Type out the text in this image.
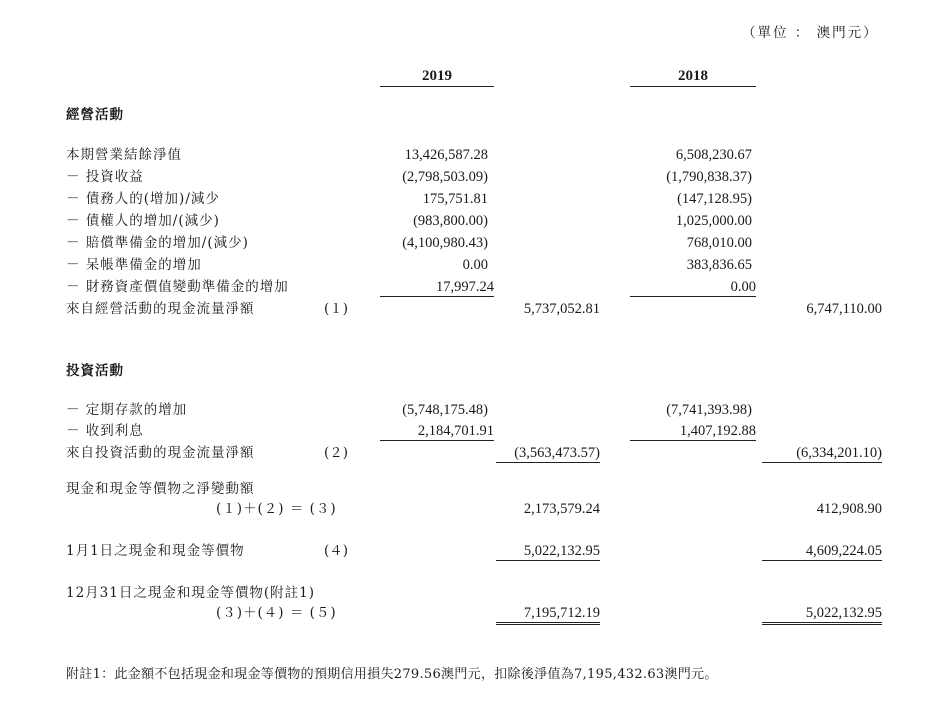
（單位 ： 澳門元）
2019	2018
經營活動
本期營業結餘淨值	13,426,587.28	6,508,230.67
－ 投資收益	(2,798,503.09)	(1,790,838.37)
－ 債務人的(增加)/減少	175,751.81	(147,128.95)
－ 債權人的增加/(減少)	(983,800.00)	1,025,000.00
－ 賠償準備金的增加/(減少)	(4,100,980.43)	768,010.00
－ 呆帳準備金的增加	0.00	383,836.65
－ 財務資產價值變動準備金的增加	17,997.24	0.00
來自經營活動的現金流量淨額	(１)	5,737,052.81	6,747,110.00
投資活動
－ 定期存款的增加	(5,748,175.48)	(7,741,393.98)
－ 收到利息	2,184,701.91	1,407,192.88
來自投資活動的現金流量淨額	(２)	(3,563,473.57)	(6,334,201.10)
現金和現金等價物之淨變動額
(１)＋(２) ＝ (３)	2,173,579.24	412,908.90
1月1日之現金和現金等價物	(４)	5,022,132.95	4,609,224.05
12月31日之現金和現金等價物(附註1)
(３)＋(４) ＝ (５)	7,195,712.19	5,022,132.95
附註1：此金額不包括現金和現金等價物的預期信用損失279.56澳門元，扣除後淨值為7,195,432.63澳門元。
